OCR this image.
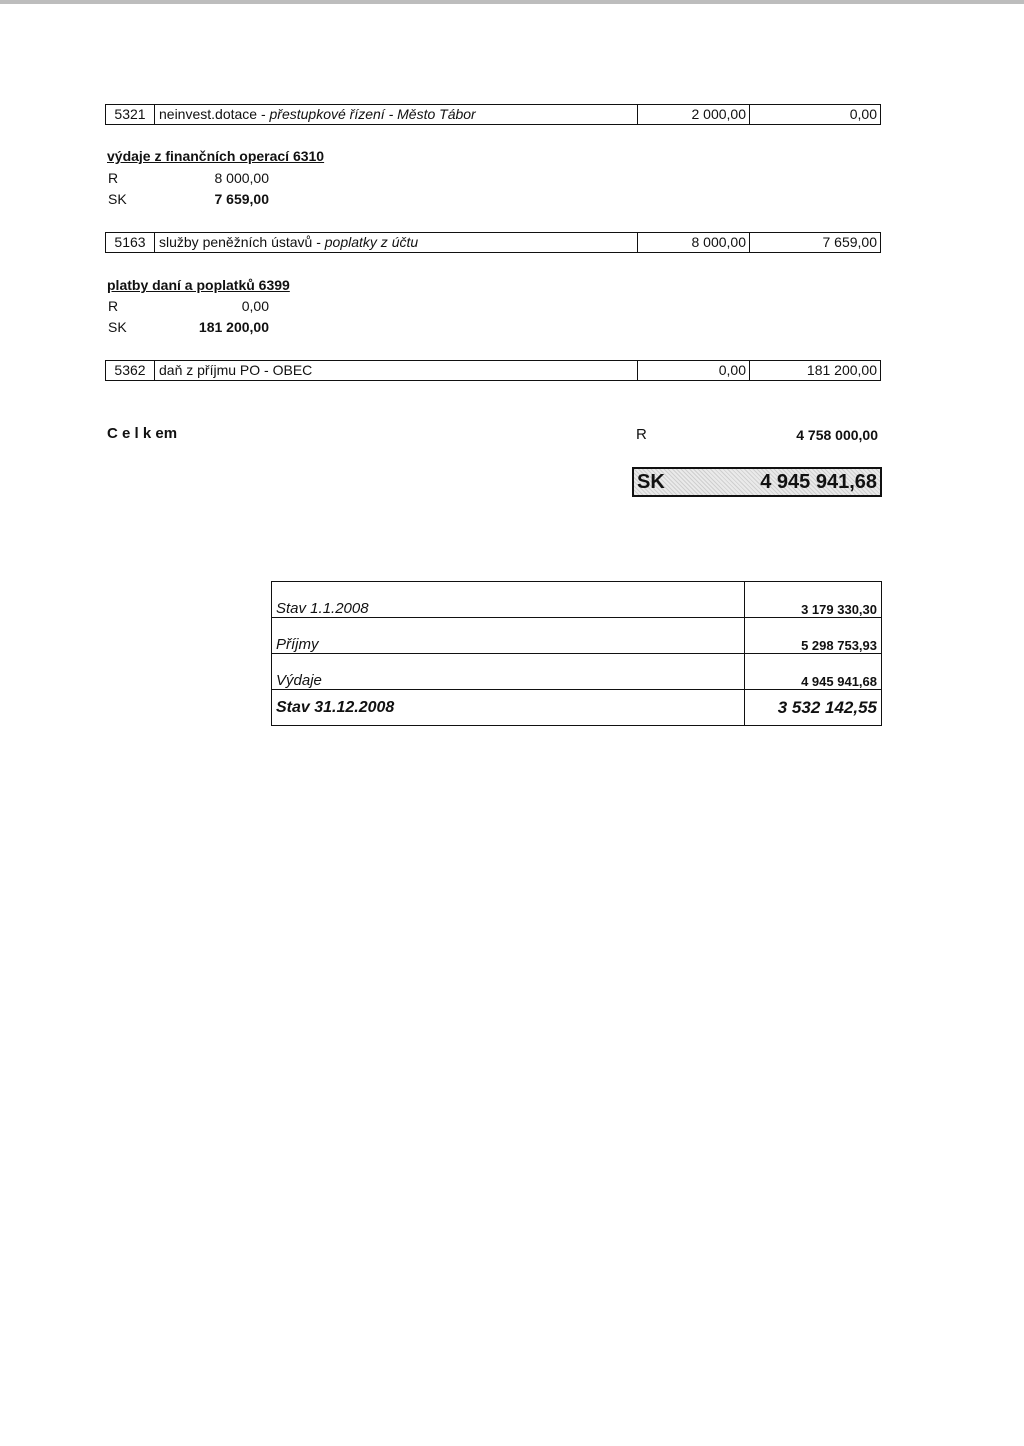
5321 neinvest.dotace - přestupkové řízení - Město Tábor	2 000,00	0,00
výdaje z finančních operací 6310
R	8 000,00
SK	7 659,00
5163 služby peněžních ústavů - poplatky z účtu	8 000,00	7 659,00
platby daní a poplatků 6399
R	0,00
SK	181 200,00
5362 daň z příjmu PO - OBEC	0,00	181 200,00
C e l k em	R	4 758 000,00
SK	4 945 941,68
Stav 1.1.2008	3 179 330,30
Příjmy	5 298 753,93
Výdaje	4 945 941,68
Stav 31.12.2008	3 532 142,55
